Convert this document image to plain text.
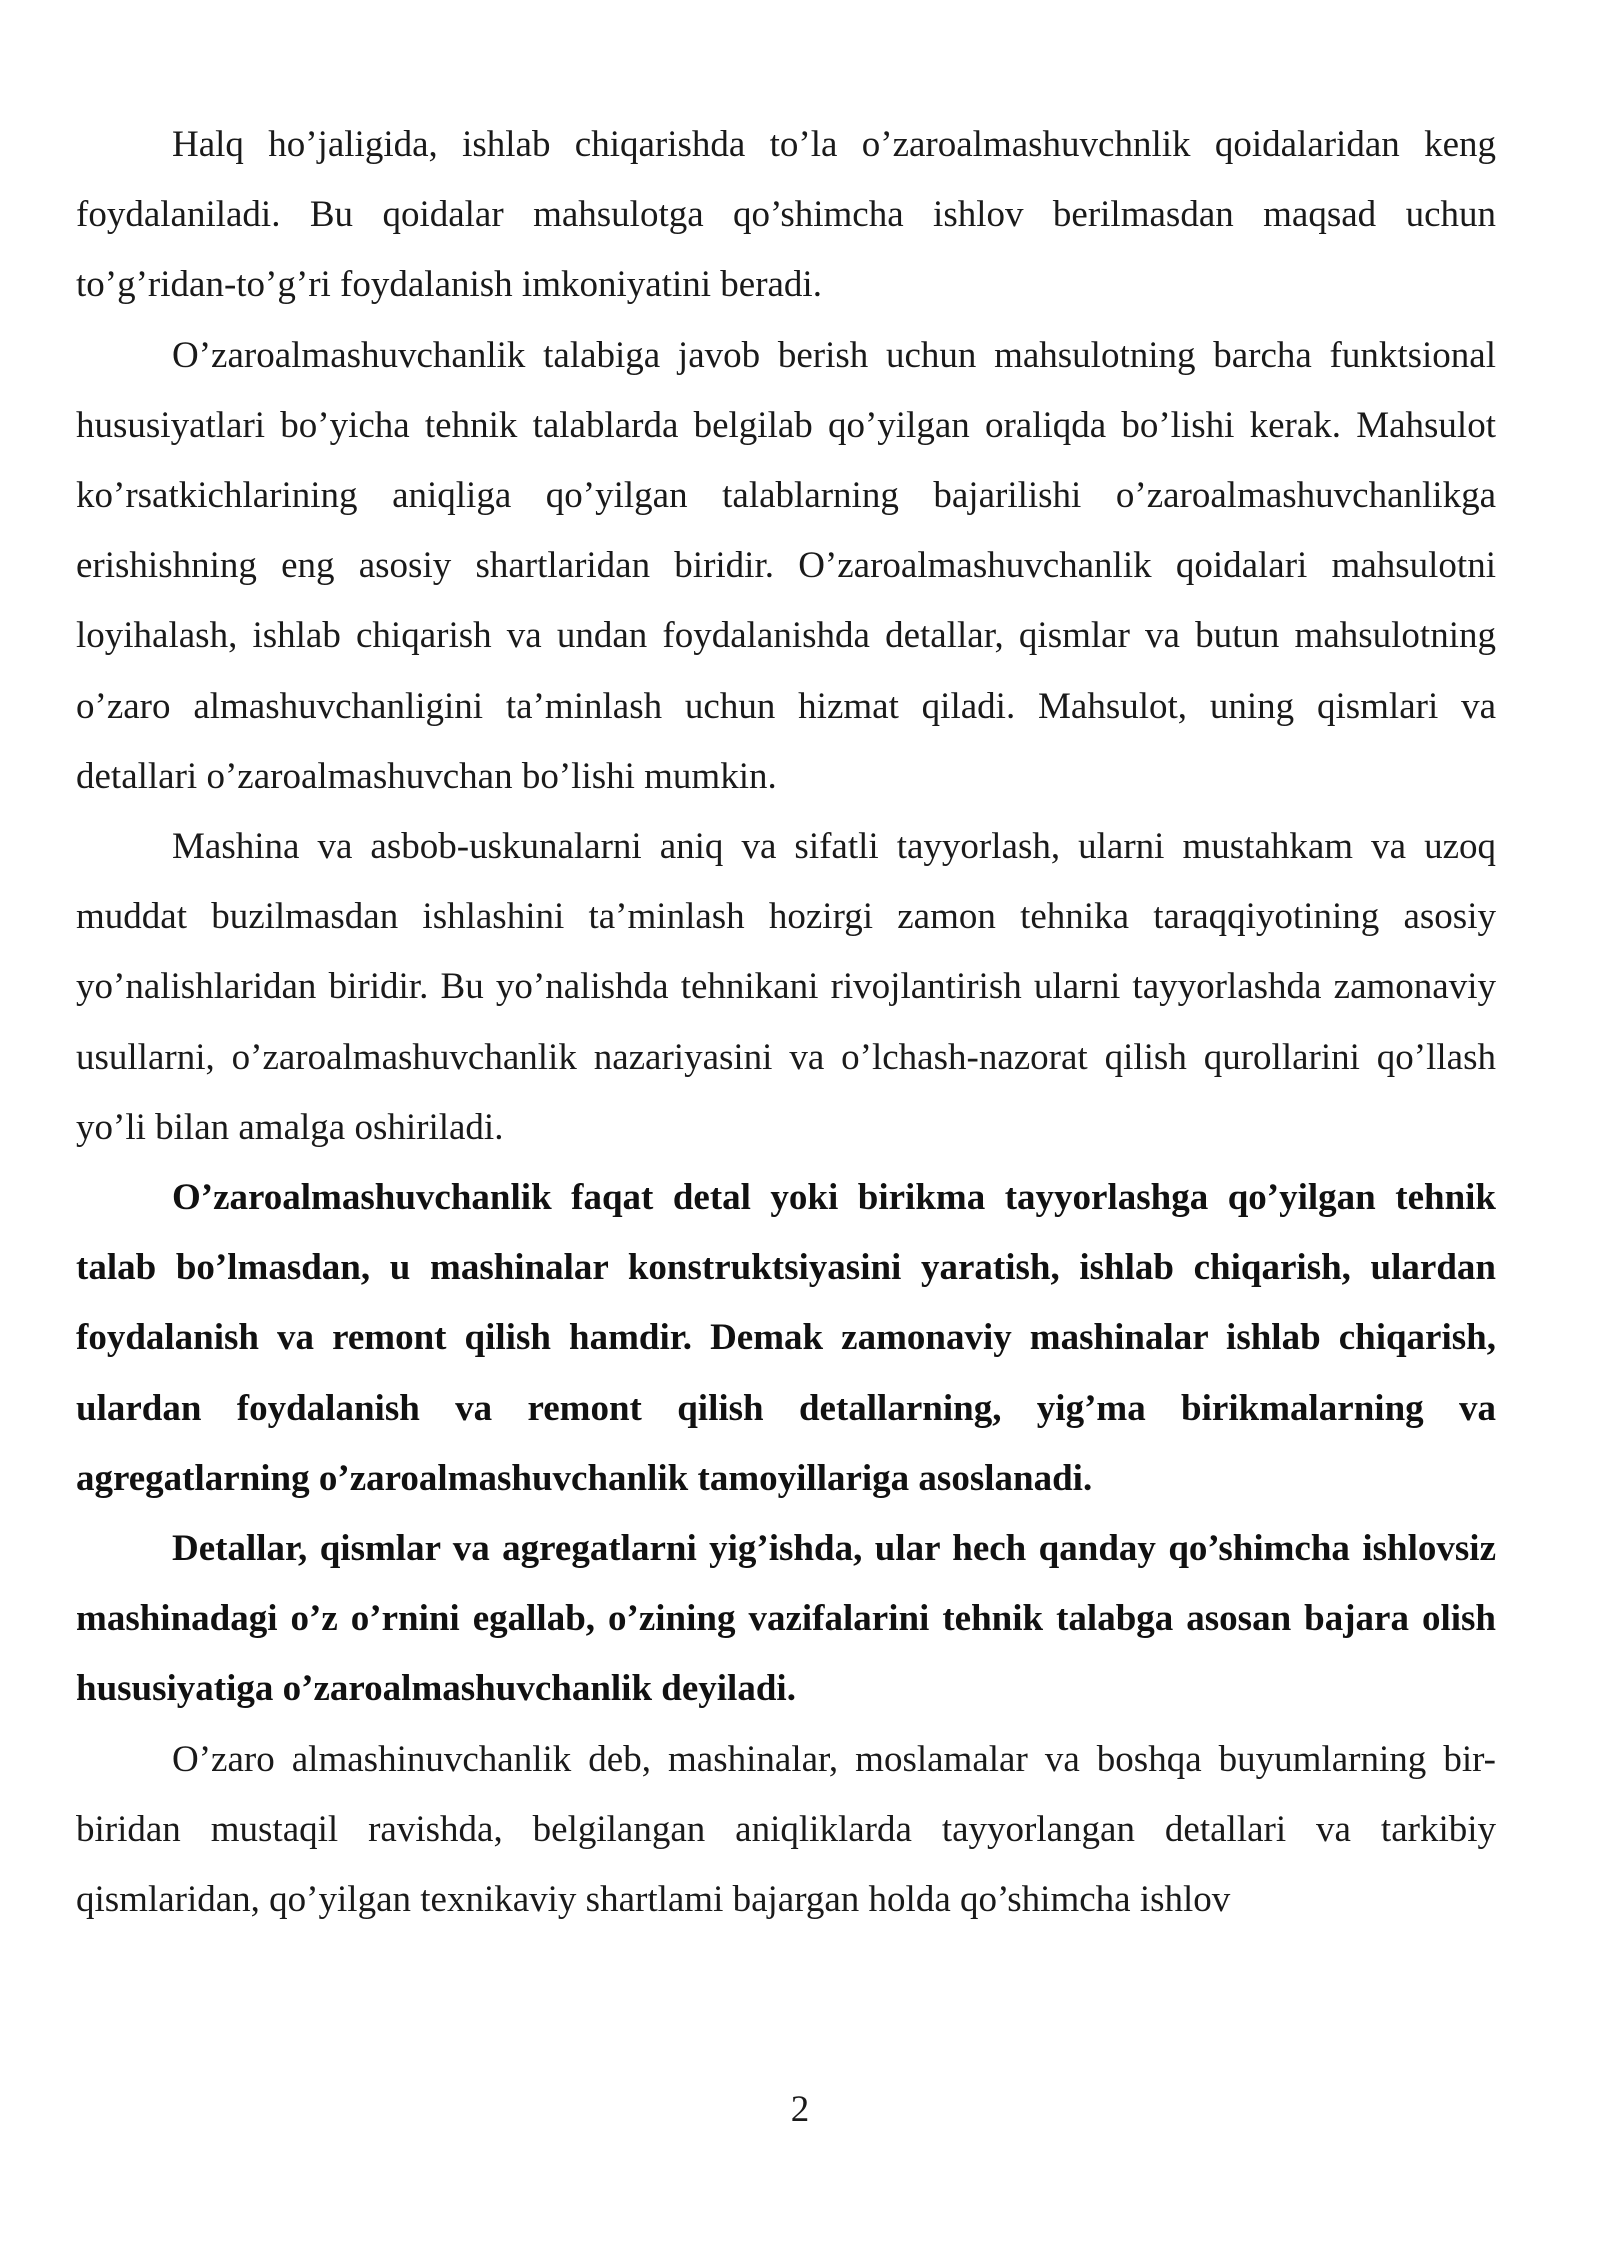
Halq ho’jaligida, ishlab chiqarishda to’la o’zaroalmashuvchnlik qoidalaridan keng foydalaniladi. Bu qoidalar mahsulotga qo’shimcha ishlov berilmasdan maqsad uchun to’g’ridan-to’g’ri foydalanish imkoniyatini beradi.

O’zaroalmashuvchanlik talabiga javob berish uchun mahsulotning barcha funktsional hususiyatlari bo’yicha tehnik talablarda belgilab qo’yilgan oraliqda bo’lishi kerak. Mahsulot ko’rsatkichlarining aniqliga qo’yilgan talablarning bajarilishi o’zaroalmashuvchanlikga erishishning eng asosiy shartlaridan biridir. O’zaroalmashuvchanlik qoidalari mahsulotni loyihalash, ishlab chiqarish va undan foydalanishda detallar, qismlar va butun mahsulotning o’zaro almashuvchanligini ta’minlash uchun hizmat qiladi. Mahsulot, uning qismlari va detallari o’zaroalmashuvchan bo’lishi mumkin.

Mashina va asbob-uskunalarni aniq va sifatli tayyorlash, ularni mustahkam va uzoq muddat buzilmasdan ishlashini ta’minlash hozirgi zamon tehnika taraqqiyotining asosiy yo’nalishlaridan biridir. Bu yo’nalishda tehnikani rivojlantirish ularni tayyorlashda zamonaviy usullarni, o’zaroalmashuvchanlik nazariyasini va o’lchash-nazorat qilish qurollarini qo’llash yo’li bilan amalga oshiriladi.

O’zaroalmashuvchanlik faqat detal yoki birikma tayyorlashga qo’yilgan tehnik talab bo’lmasdan, u mashinalar konstruktsiyasini yaratish, ishlab chiqarish, ulardan foydalanish va remont qilish hamdir. Demak zamonaviy mashinalar ishlab chiqarish, ulardan foydalanish va remont qilish detallarning, yig’ma birikmalarning va agregatlarning o’zaroalmashuvchanlik tamoyillariga asoslanadi.

Detallar, qismlar va agregatlarni yig’ishda, ular hech qanday qo’shimcha ishlovsiz mashinadagi o’z o’rnini egallab, o’zining vazifalarini tehnik talabga asosan bajara olish hususiyatiga o’zaroalmashuvchanlik deyiladi.

O’zaro almashinuvchanlik deb, mashinalar, moslamalar va boshqa buyumlarning bir-biridan mustaqil ravishda, belgilangan aniqliklarda tayyorlangan detallari va tarkibiy qismlaridan, qo’yilgan texnikaviy shartlami bajargan holda qo’shimcha ishlov

2
